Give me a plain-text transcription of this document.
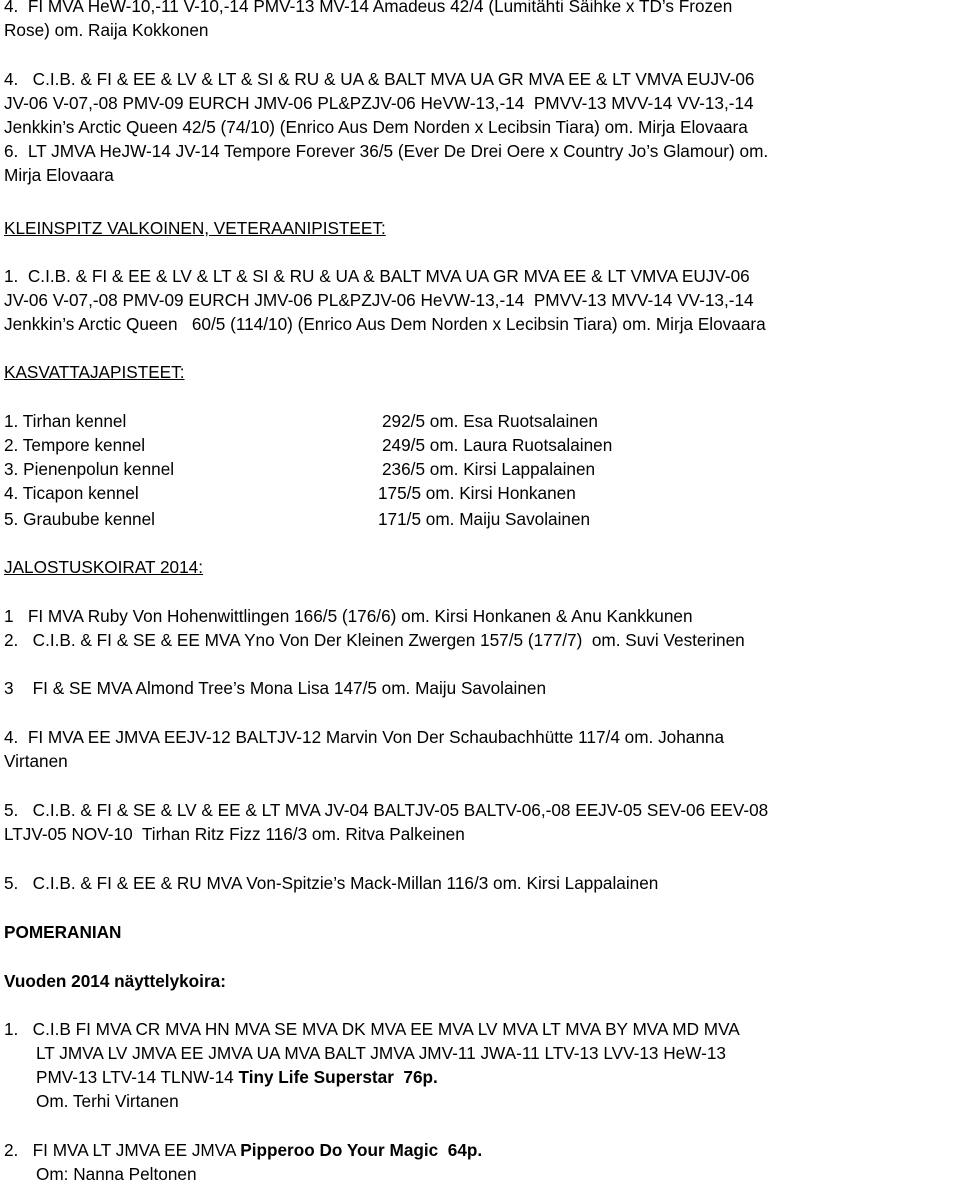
4.  FI MVA HeW-10,-11 V-10,-14 PMV-13 MV-14 Amadeus 42/4 (Lumitähti Säihke x TD’s Frozen
Rose) om. Raija Kokkonen
4.   C.I.B. & FI & EE & LV & LT & SI & RU & UA & BALT MVA UA GR MVA EE & LT VMVA EUJV-06
JV-06 V-07,-08 PMV-09 EURCH JMV-06 PL&PZJV-06 HeVW-13,-14  PMVV-13 MVV-14 VV-13,-14
Jenkkin’s Arctic Queen 42/5 (74/10) (Enrico Aus Dem Norden x Lecibsin Tiara) om. Mirja Elovaara
6.  LT JMVA HeJW-14 JV-14 Tempore Forever 36/5 (Ever De Drei Oere x Country Jo’s Glamour) om.
Mirja Elovaara
KLEINSPITZ VALKOINEN, VETERAANIPISTEET:
1.  C.I.B. & FI & EE & LV & LT & SI & RU & UA & BALT MVA UA GR MVA EE & LT VMVA EUJV-06
JV-06 V-07,-08 PMV-09 EURCH JMV-06 PL&PZJV-06 HeVW-13,-14  PMVV-13 MVV-14 VV-13,-14
Jenkkin’s Arctic Queen   60/5 (114/10) (Enrico Aus Dem Norden x Lecibsin Tiara) om. Mirja Elovaara
KASVATTAJAPISTEET:
1. Tirhan kennel	292/5 om. Esa Ruotsalainen
2. Tempore kennel	249/5 om. Laura Ruotsalainen
3. Pienenpolun kennel	236/5 om. Kirsi Lappalainen
4. Ticapon kennel	175/5 om. Kirsi Honkanen
5. Graubube kennel	171/5 om. Maiju Savolainen
JALOSTUSKOIRAT 2014:
1   FI MVA Ruby Von Hohenwittlingen 166/5 (176/6) om. Kirsi Honkanen & Anu Kankkunen
2.   C.I.B. & FI & SE & EE MVA Yno Von Der Kleinen Zwergen 157/5 (177/7)  om. Suvi Vesterinen
3    FI & SE MVA Almond Tree’s Mona Lisa 147/5 om. Maiju Savolainen
4.  FI MVA EE JMVA EEJV-12 BALTJV-12 Marvin Von Der Schaubachhütte 117/4 om. Johanna
Virtanen
5.   C.I.B. & FI & SE & LV & EE & LT MVA JV-04 BALTJV-05 BALTV-06,-08 EEJV-05 SEV-06 EEV-08
LTJV-05 NOV-10  Tirhan Ritz Fizz 116/3 om. Ritva Palkeinen
5.   C.I.B. & FI & EE & RU MVA Von-Spitzie’s Mack-Millan 116/3 om. Kirsi Lappalainen
POMERANIAN
Vuoden 2014 näyttelykoira:
1.   C.I.B FI MVA CR MVA HN MVA SE MVA DK MVA EE MVA LV MVA LT MVA BY MVA MD MVA
LT JMVA LV JMVA EE JMVA UA MVA BALT JMVA JMV-11 JWA-11 LTV-13 LVV-13 HeW-13
PMV-13 LTV-14 TLNW-14 Tiny Life Superstar  76p.
Om. Terhi Virtanen
2.   FI MVA LT JMVA EE JMVA Pipperoo Do Your Magic  64p.
Om: Nanna Peltonen
